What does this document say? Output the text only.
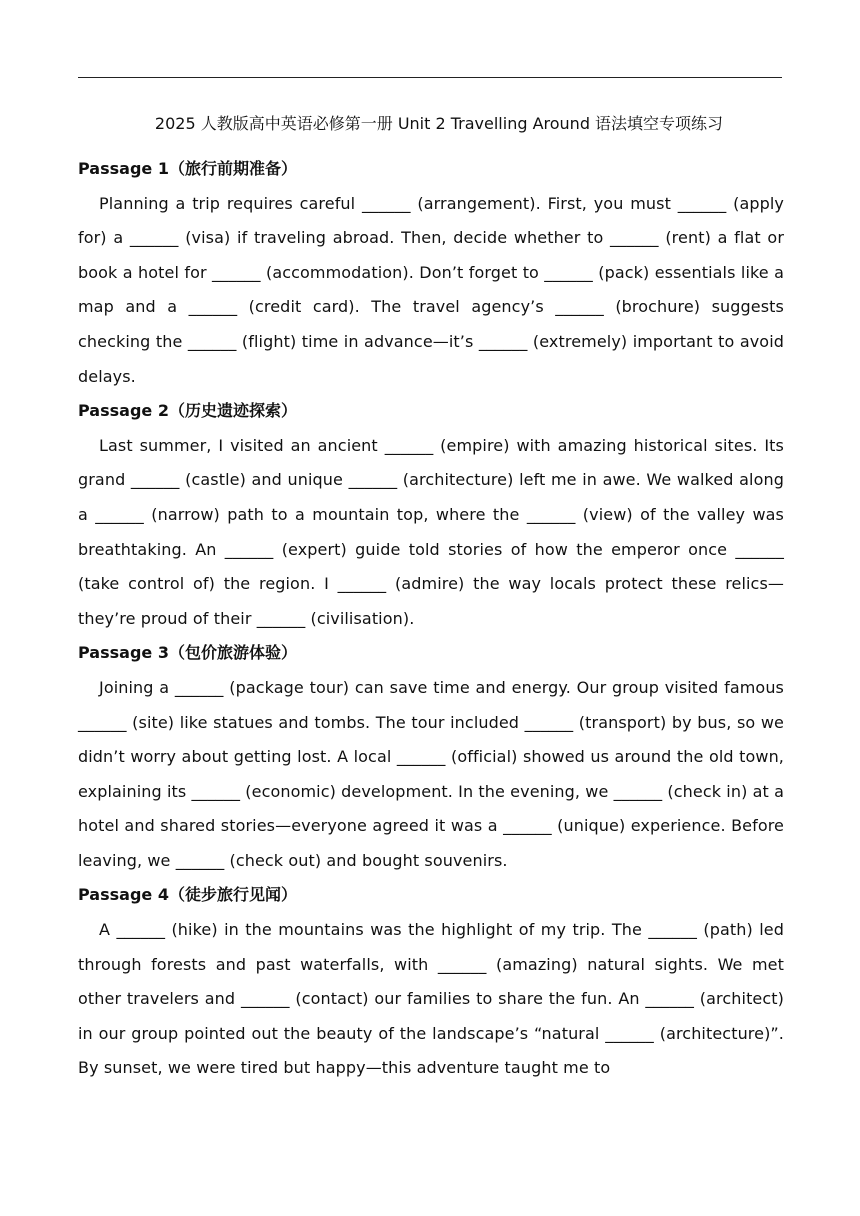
2025 人教版高中英语必修第一册 Unit 2 Travelling Around 语法填空专项练习
Passage 1（旅行前期准备）

Planning a trip requires careful ______ (arrangement). First, you must ______ (apply for) a ______ (visa) if traveling abroad. Then, decide whether to ______ (rent) a flat or book a hotel for ______ (accommodation). Don’t forget to ______ (pack) essentials like a map and a ______ (credit card). The travel agency’s ______ (brochure) suggests checking the ______ (flight) time in advance—it’s ______ (extremely) important to avoid delays.

Passage 2（历史遗迹探索）

Last summer, I visited an ancient ______ (empire) with amazing historical sites. Its grand ______ (castle) and unique ______ (architecture) left me in awe. We walked along a ______ (narrow) path to a mountain top, where the ______ (view) of the valley was breathtaking. An ______ (expert) guide told stories of how the emperor once ______ (take control of) the region. I ______ (admire) the way locals protect these relics—they’re proud of their ______ (civilisation).

Passage 3（包价旅游体验）

Joining a ______ (package tour) can save time and energy. Our group visited famous ______ (site) like statues and tombs. The tour included ______ (transport) by bus, so we didn’t worry about getting lost. A local ______ (official) showed us around the old town, explaining its ______ (economic) development. In the evening, we ______ (check in) at a hotel and shared stories—everyone agreed it was a ______ (unique) experience. Before leaving, we ______ (check out) and bought souvenirs.

Passage 4（徒步旅行见闻）

A ______ (hike) in the mountains was the highlight of my trip. The ______ (path) led through forests and past waterfalls, with ______ (amazing) natural sights. We met other travelers and ______ (contact) our families to share the fun. An ______ (architect) in our group pointed out the beauty of the landscape’s “natural ______ (architecture)”. By sunset, we were tired but happy—this adventure taught me to
